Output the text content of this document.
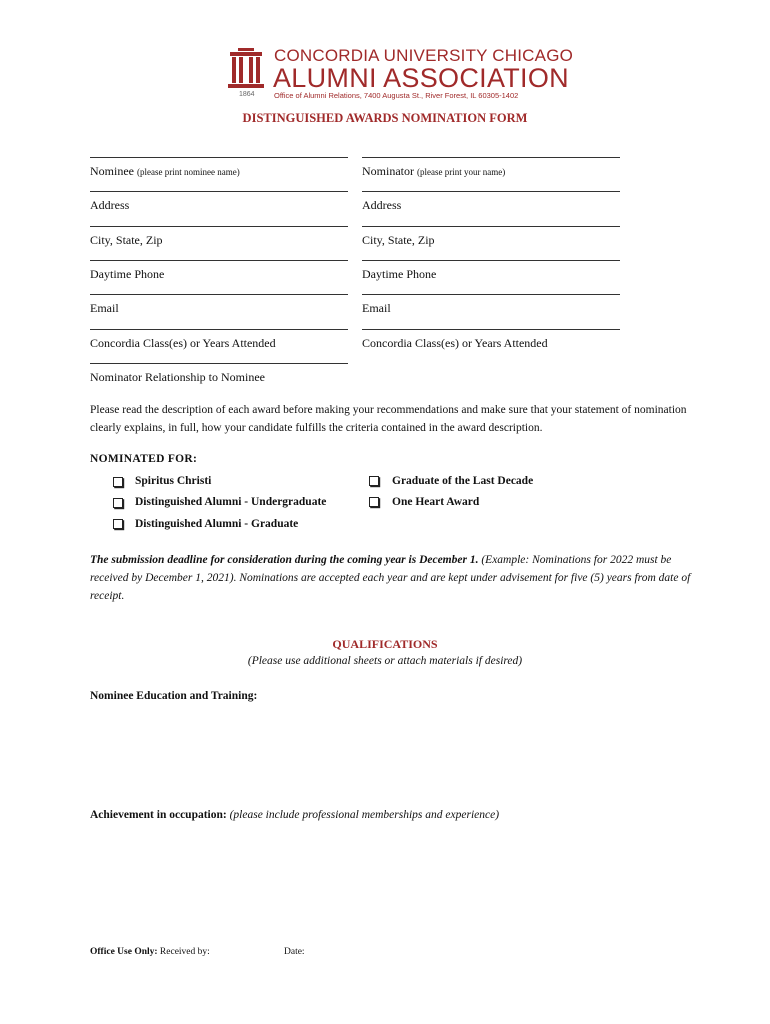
CONCORDIA UNIVERSITY CHICAGO
ALUMNI ASSOCIATION
1864	Office of Alumni Relations, 7400 Augusta St., River Forest, IL 60305-1402
DISTINGUISHED AWARDS NOMINATION FORM
Nominee (please print nominee name)
Address
City, State, Zip
Daytime Phone
Email
Concordia Class(es) or Years Attended
Nominator Relationship to Nominee
Nominator (please print your name)
Address
City, State, Zip
Daytime Phone
Email
Concordia Class(es) or Years Attended
Please read the description of each award before making your recommendations and make sure that your statement of nomination clearly explains, in full, how your candidate fulfills the criteria contained in the award description.
NOMINATED FOR:
Spiritus Christi
Distinguished Alumni - Undergraduate
Distinguished Alumni - Graduate
Graduate of the Last Decade
One Heart Award
The submission deadline for consideration during the coming year is December 1. (Example: Nominations for 2022 must be received by December 1, 2021). Nominations are accepted each year and are kept under advisement for five (5) years from date of receipt.
QUALIFICATIONS
(Please use additional sheets or attach materials if desired)
Nominee Education and Training:
Achievement in occupation: (please include professional memberships and experience)
Office Use Only: Received by:	Date:
